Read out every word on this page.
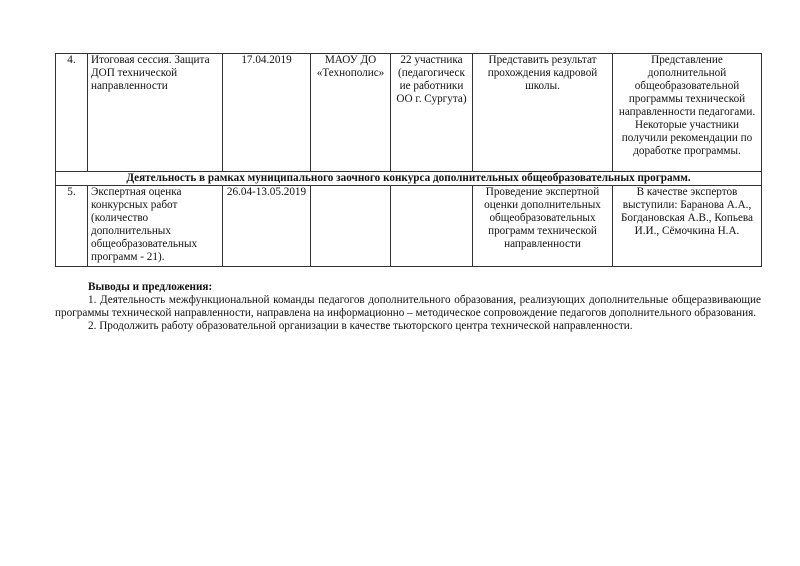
4.	Итоговая сессия. Защита ДОП технической направленности	17.04.2019	МАОУ ДО «Технополис»	22 участника (педагогическ ие работники ОО г. Сургута)	Представить результат прохождения кадровой школы.	Представление дополнительной общеобразовательной программы технической направленности педагогами. Некоторые участники получили рекомендации по доработке программы.
Деятельность в рамках муниципального заочного конкурса дополнительных общеобразовательных программ.						
5.	Экспертная оценка конкурсных работ (количество дополнительных общеобразовательных программ - 21).	26.04-13.05.2019			Проведение экспертной оценки дополнительных общеобразовательных программ технической направленности	В качестве экспертов выступили: Баранова А.А., Богдановская А.В., Копьева И.И., Сёмочкина Н.А.

Выводы и предложения:

1. Деятельность межфункциональной команды педагогов дополнительного образования, реализующих дополнительные общеразвивающие программы технической направленности, направлена на информационно – методическое сопровождение педагогов дополнительного образования.

2. Продолжить работу образовательной организации в качестве тьюторского центра технической направленности.
